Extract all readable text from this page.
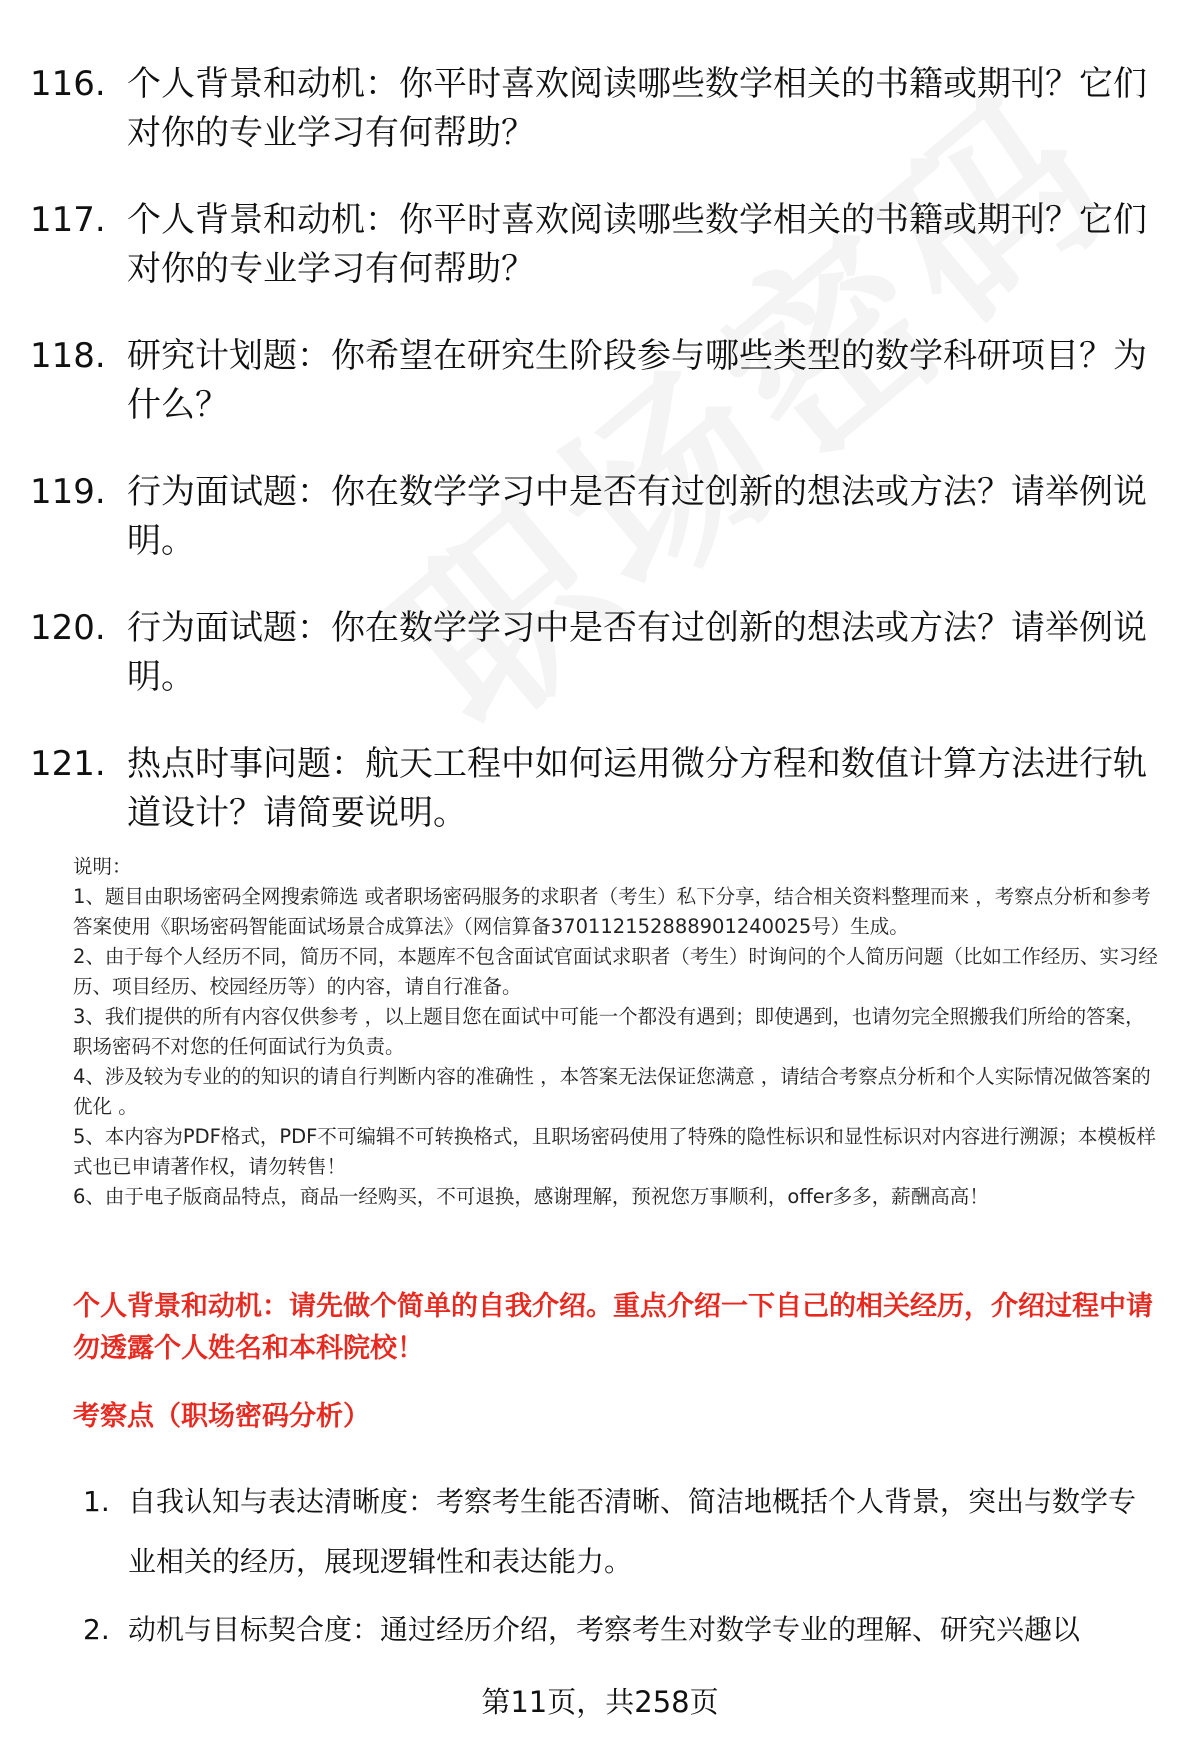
116. 个人背景和动机：你平时喜欢阅读哪些数学相关的书籍或期刊？它们对你的专业学习有何帮助？
117. 个人背景和动机：你平时喜欢阅读哪些数学相关的书籍或期刊？它们对你的专业学习有何帮助？
118. 研究计划题：你希望在研究生阶段参与哪些类型的数学科研项目？为什么？
119. 行为面试题：你在数学学习中是否有过创新的想法或方法？请举例说明。
120. 行为面试题：你在数学学习中是否有过创新的想法或方法？请举例说明。
121. 热点时事问题：航天工程中如何运用微分方程和数值计算方法进行轨道设计？请简要说明。

说明：

1、题目由职场密码全网搜索筛选 或者职场密码服务的求职者（考生）私下分享，结合相关资料整理而来 ，考察点分析和参考答案使用《职场密码智能面试场景合成算法》（网信算备370112152888901240025号）生成。

2、由于每个人经历不同，简历不同，本题库不包含面试官面试求职者（考生）时询问的个人简历问题（比如工作经历、实习经历、项目经历、校园经历等）的内容，请自行准备。

3、我们提供的所有内容仅供参考 ，以上题目您在面试中可能一个都没有遇到；即使遇到，也请勿完全照搬我们所给的答案，职场密码不对您的任何面试行为负责。

4、涉及较为专业的的知识的请自行判断内容的准确性 ，本答案无法保证您满意 ，请结合考察点分析和个人实际情况做答案的优化 。

5、本内容为PDF格式，PDF不可编辑不可转换格式，且职场密码使用了特殊的隐性标识和显性标识对内容进行溯源；本模板样式也已申请著作权，请勿转售！

6、由于电子版商品特点，商品一经购买，不可退换，感谢理解，预祝您万事顺利，offer多多，薪酬高高！

个人背景和动机：请先做个简单的自我介绍。重点介绍一下自己的相关经历，介绍过程中请勿透露个人姓名和本科院校！
考察点（职场密码分析）
1. 自我认知与表达清晰度：考察考生能否清晰、简洁地概括个人背景，突出与数学专业相关的经历，展现逻辑性和表达能力。
2. 动机与目标契合度：通过经历介绍，考察考生对数学专业的理解、研究兴趣以
第11页，共258页
